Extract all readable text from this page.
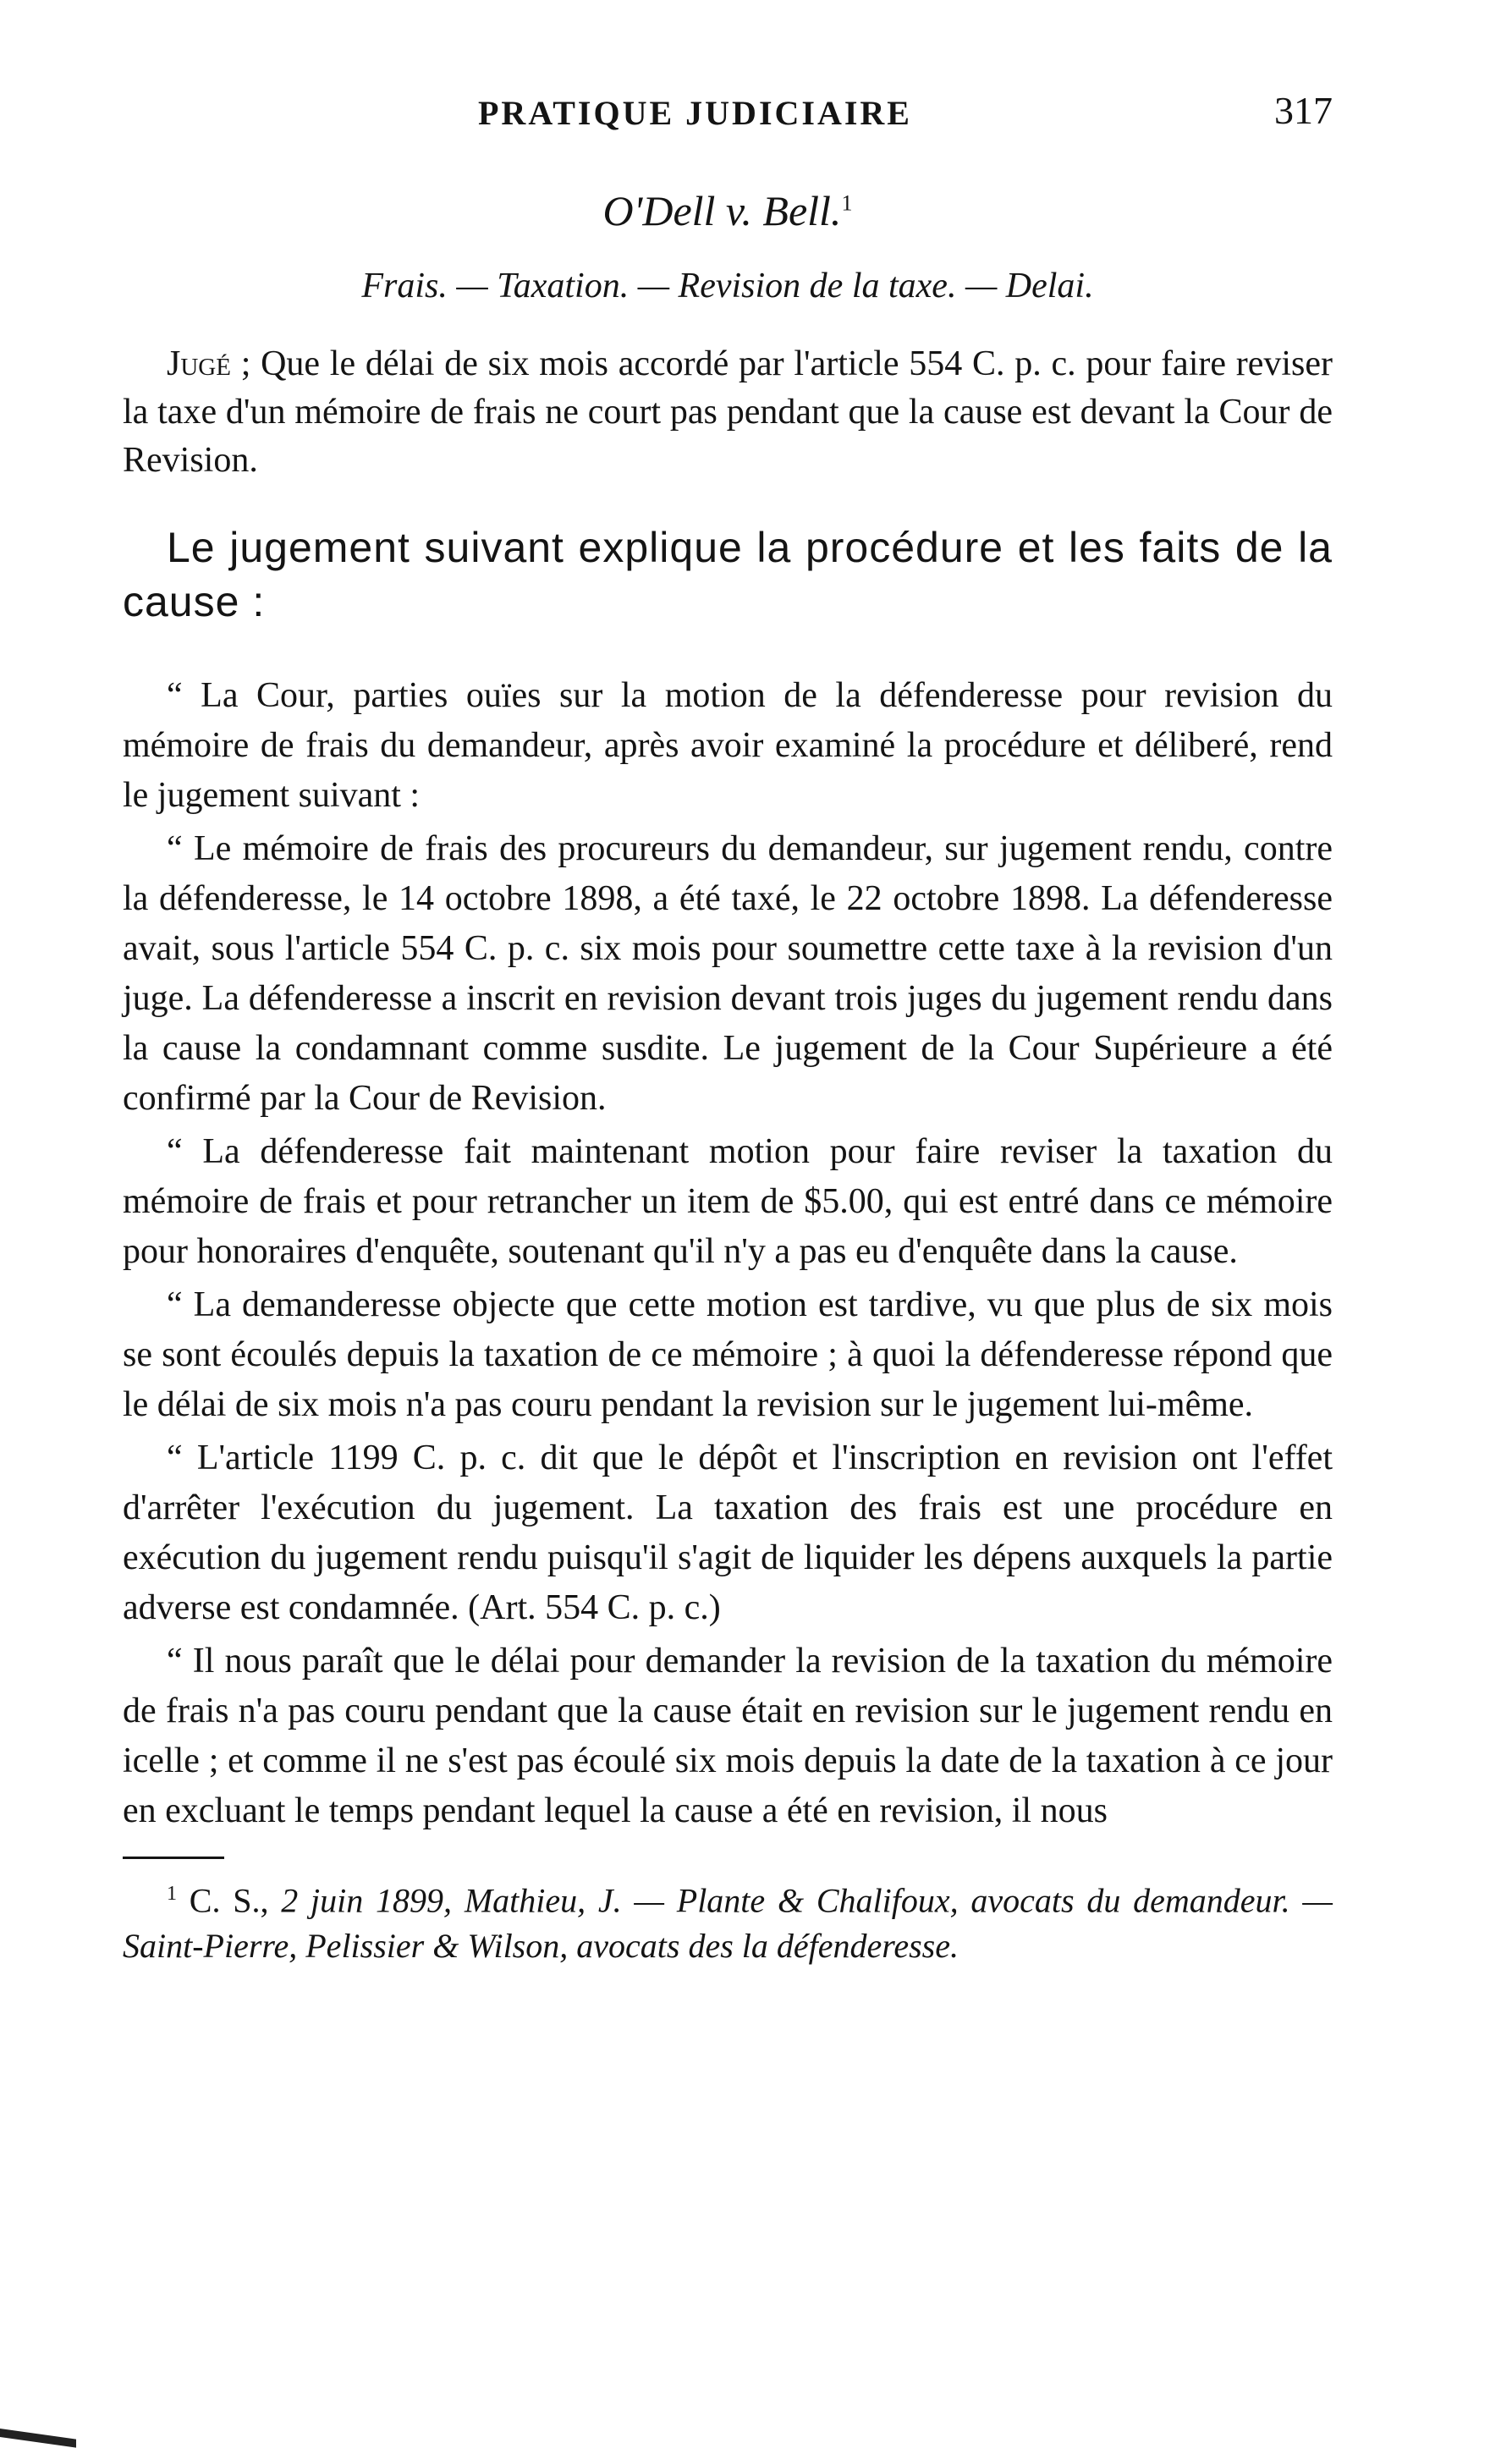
PRATIQUE JUDICIAIRE	317
O'Dell v. Bell.$^1$
Frais. — Taxation. — Revision de la taxe. — Delai.

Jugé ; Que le délai de six mois accordé par l'article 554 C. p. c. pour faire reviser la taxe d'un mémoire de frais ne court pas pendant que la cause est devant la Cour de Revision.

Le jugement suivant explique la procédure et les faits de la cause :

“ La Cour, parties ouïes sur la motion de la défenderesse pour revision du mémoire de frais du demandeur, après avoir examiné la procédure et déliberé, rend le jugement suivant :

“ Le mémoire de frais des procureurs du demandeur, sur jugement rendu, contre la défenderesse, le 14 octobre 1898, a été taxé, le 22 octobre 1898. La défenderesse avait, sous l'article 554 C. p. c. six mois pour soumettre cette taxe à la revision d'un juge. La défenderesse a inscrit en revision devant trois juges du jugement rendu dans la cause la condamnant comme susdite. Le jugement de la Cour Supérieure a été confirmé par la Cour de Revision.

“ La défenderesse fait maintenant motion pour faire reviser la taxation du mémoire de frais et pour retrancher un item de $5.00, qui est entré dans ce mémoire pour honoraires d'enquête, soutenant qu'il n'y a pas eu d'enquête dans la cause.

“ La demanderesse objecte que cette motion est tardive, vu que plus de six mois se sont écoulés depuis la taxation de ce mémoire ; à quoi la défenderesse répond que le délai de six mois n'a pas couru pendant la revision sur le jugement lui-même.

“ L'article 1199 C. p. c. dit que le dépôt et l'inscription en revision ont l'effet d'arrêter l'exécution du jugement. La taxation des frais est une procédure en exécution du jugement rendu puisqu'il s'agit de liquider les dépens auxquels la partie adverse est condamnée. (Art. 554 C. p. c.)

“ Il nous paraît que le délai pour demander la revision de la taxation du mémoire de frais n'a pas couru pendant que la cause était en revision sur le jugement rendu en icelle ; et comme il ne s'est pas écoulé six mois depuis la date de la taxation à ce jour en excluant le temps pendant lequel la cause a été en revision, il nous

$^1$ C. S., 2 juin 1899, Mathieu, J. — Plante & Chalifoux, avocats du demandeur. — Saint-Pierre, Pelissier & Wilson, avocats des la défenderesse.
